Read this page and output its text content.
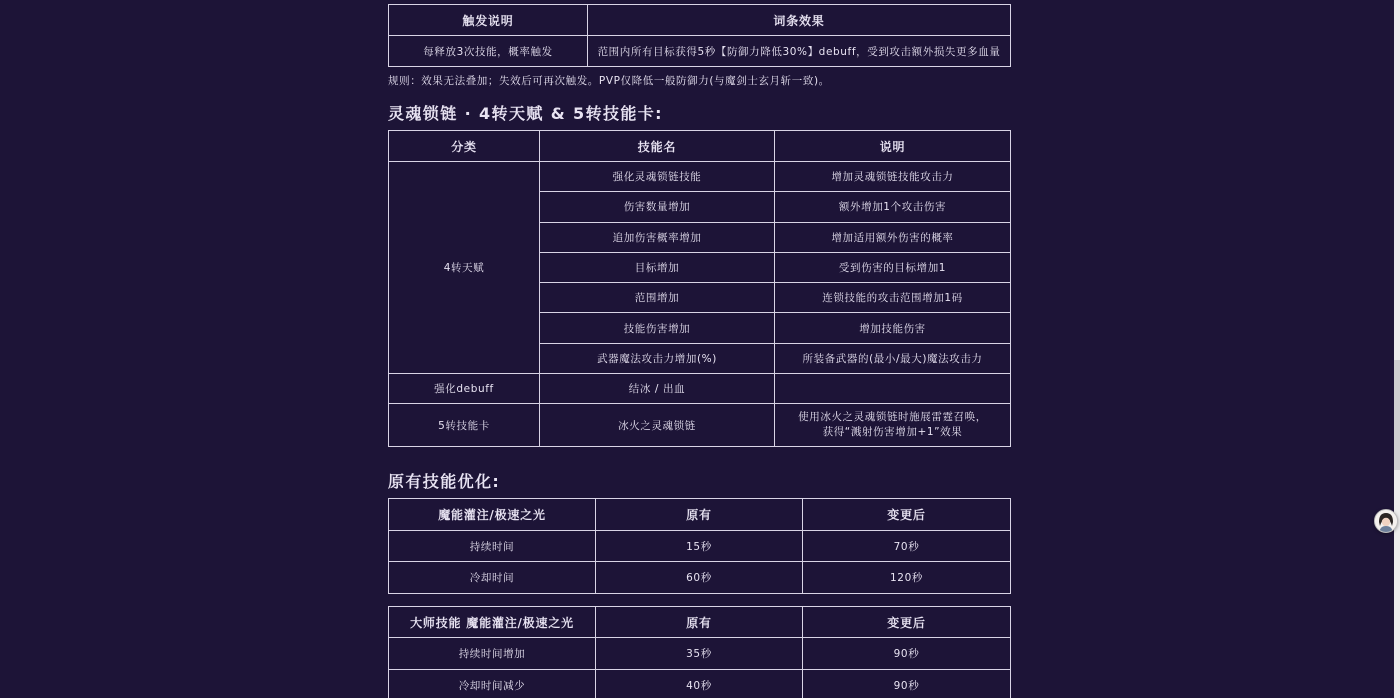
触发说明	词条效果
每释放3次技能，概率触发	范围内所有目标获得5秒【防御力降低30%】debuff，受到攻击额外损失更多血量

规则：效果无法叠加；失效后可再次触发。PVP仅降低一般防御力(与魔剑士玄月斩一致)。

灵魂锁链 · 4转天赋 & 5转技能卡:
分类	技能名	说明
4转天赋	强化灵魂锁链技能	增加灵魂锁链技能攻击力
	伤害数量增加	额外增加1个攻击伤害
	追加伤害概率增加	增加适用额外伤害的概率
	目标增加	受到伤害的目标增加1
	范围增加	连锁技能的攻击范围增加1码
	技能伤害增加	增加技能伤害
	武器魔法攻击力增加(%)	所装备武器的(最小/最大)魔法攻击力
强化debuff	结冰 / 出血	
5转技能卡	冰火之灵魂锁链	使用冰火之灵魂锁链时施展雷霆召唤，
获得“溅射伤害增加+1”效果
原有技能优化:
魔能灌注/极速之光	原有	变更后
持续时间	15秒	70秒
冷却时间	60秒	120秒
大师技能 魔能灌注/极速之光	原有	变更后
持续时间增加	35秒	90秒
冷却时间减少	40秒	90秒
